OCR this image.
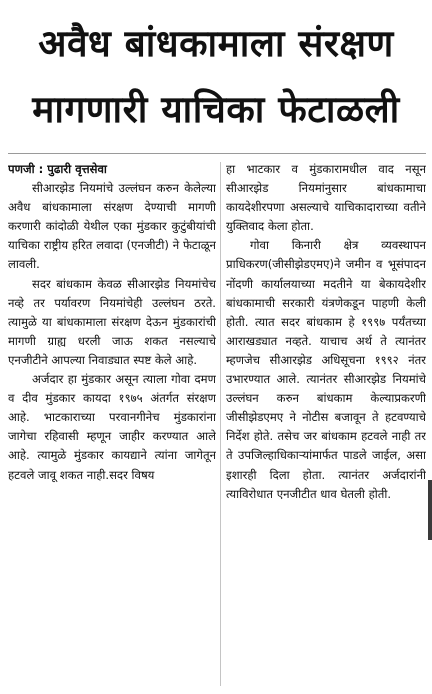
अवैध बांधकामाला संरक्षण
मागणारी याचिका फेटाळली

पणजी : पुढारी वृत्तसेवा

सीआरझेड नियमांचे उल्लंघन करुन केलेल्या अवैध बांधकामाला संरक्षण देण्याची मागणी करणारी कांदोळी येथील एका मुंडकार कुटुंबीयांची याचिका राष्ट्रीय हरित लवादा (एनजीटी) ने फेटाळून लावली.

सदर बांधकाम केवळ सीआरझेड नियमांचेच नव्हे तर पर्यावरण नियमांचेही उल्लंघन ठरते. त्यामुळे या बांधकामाला संरक्षण देऊन मुंडकारांची मागणी ग्राह्य धरली जाऊ शकत नसल्याचे एनजीटीने आपल्या निवाड्यात स्पष्ट केले आहे.

अर्जदार हा मुंडकार असून त्याला गोवा दमण व दीव मुंडकार कायदा १९७५ अंतर्गत संरक्षण आहे. भाटकाराच्या परवानगीनेच मुंडकारांना जागेचा रहिवासी म्हणून जाहीर करण्यात आले आहे. त्यामुळे मुंडकार कायद्याने त्यांना जागेतून हटवले जावू शकत नाही.सदर विषय

हा भाटकार व मुंडकारामधील वाद नसून सीआरझेड नियमांनुसार बांधकामाचा कायदेशीरपणा असल्याचे याचिकादाराच्या वतीने युक्तिवाद केला होता.

गोवा किनारी क्षेत्र व्यवस्थापन प्राधिकरण(जीसीझेडएमए)ने जमीन व भूसंपादन नोंदणी कार्यालयाच्या मदतीने या बेकायदेशीर बांधकामाची सरकारी यंत्रणेकडून पाहणी केली होती. त्यात सदर बांधकाम हे १९९७ पर्यंतच्या आराखड्यात नव्हते. याचाच अर्थ ते त्यानंतर म्हणजेच सीआरझेड अधिसूचना १९९२ नंतर उभारण्यात आले. त्यानंतर सीआरझेड नियमांचे उल्लंघन करुन बांधकाम केल्याप्रकरणी जीसीझेडएमए ने नोटीस बजावून ते हटवण्याचे निर्देश होते. तसेच जर बांधकाम हटवले नाही तर ते उपजिल्हाधिकाऱ्यांमार्फत पाडले जाईल, असा इशारही दिला होता. त्यानंतर अर्जदारांनी त्याविरोधात एनजीटीत धाव घेतली होती.
